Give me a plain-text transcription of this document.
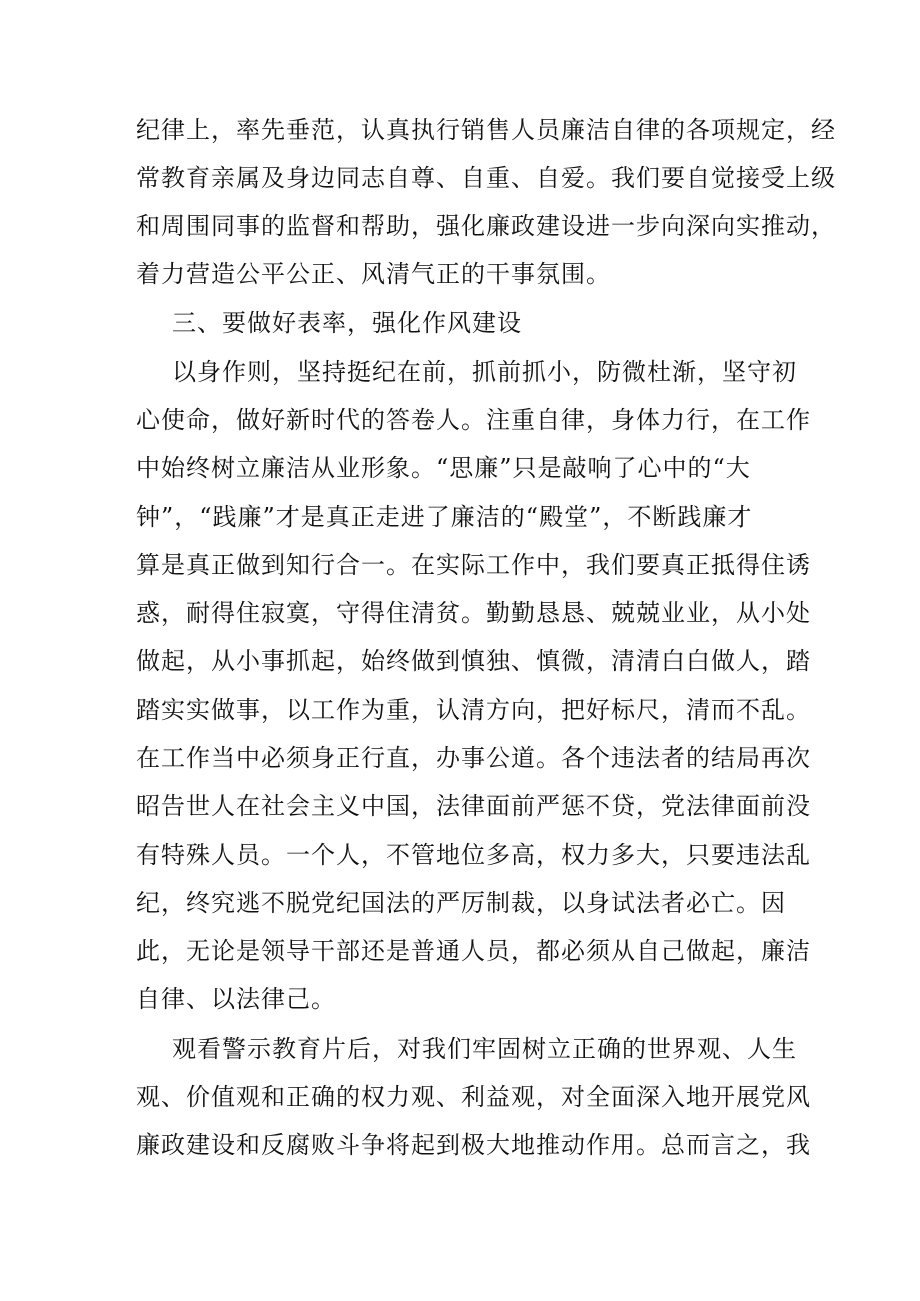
纪律上，率先垂范，认真执行销售人员廉洁自律的各项规定，经
常教育亲属及身边同志自尊、自重、自爱。我们要自觉接受上级
和周围同事的监督和帮助，强化廉政建设进一步向深向实推动，
着力营造公平公正、风清气正的干事氛围。
三、要做好表率，强化作风建设
以身作则，坚持挺纪在前，抓前抓小，防微杜渐，坚守初
心使命，做好新时代的答卷人。注重自律，身体力行，在工作
中始终树立廉洁从业形象。“思廉”只是敲响了心中的“大
钟”，“践廉”才是真正走进了廉洁的“殿堂”，不断践廉才
算是真正做到知行合一。在实际工作中，我们要真正抵得住诱
惑，耐得住寂寞，守得住清贫。勤勤恳恳、兢兢业业，从小处
做起，从小事抓起，始终做到慎独、慎微，清清白白做人，踏
踏实实做事，以工作为重，认清方向，把好标尺，清而不乱。
在工作当中必须身正行直，办事公道。各个违法者的结局再次
昭告世人在社会主义中国，法律面前严惩不贷，党法律面前没
有特殊人员。一个人，不管地位多高，权力多大，只要违法乱
纪，终究逃不脱党纪国法的严厉制裁，以身试法者必亡。因
此，无论是领导干部还是普通人员，都必须从自己做起，廉洁
自律、以法律己。
观看警示教育片后，对我们牢固树立正确的世界观、人生
观、价值观和正确的权力观、利益观，对全面深入地开展党风
廉政建设和反腐败斗争将起到极大地推动作用。总而言之，我
